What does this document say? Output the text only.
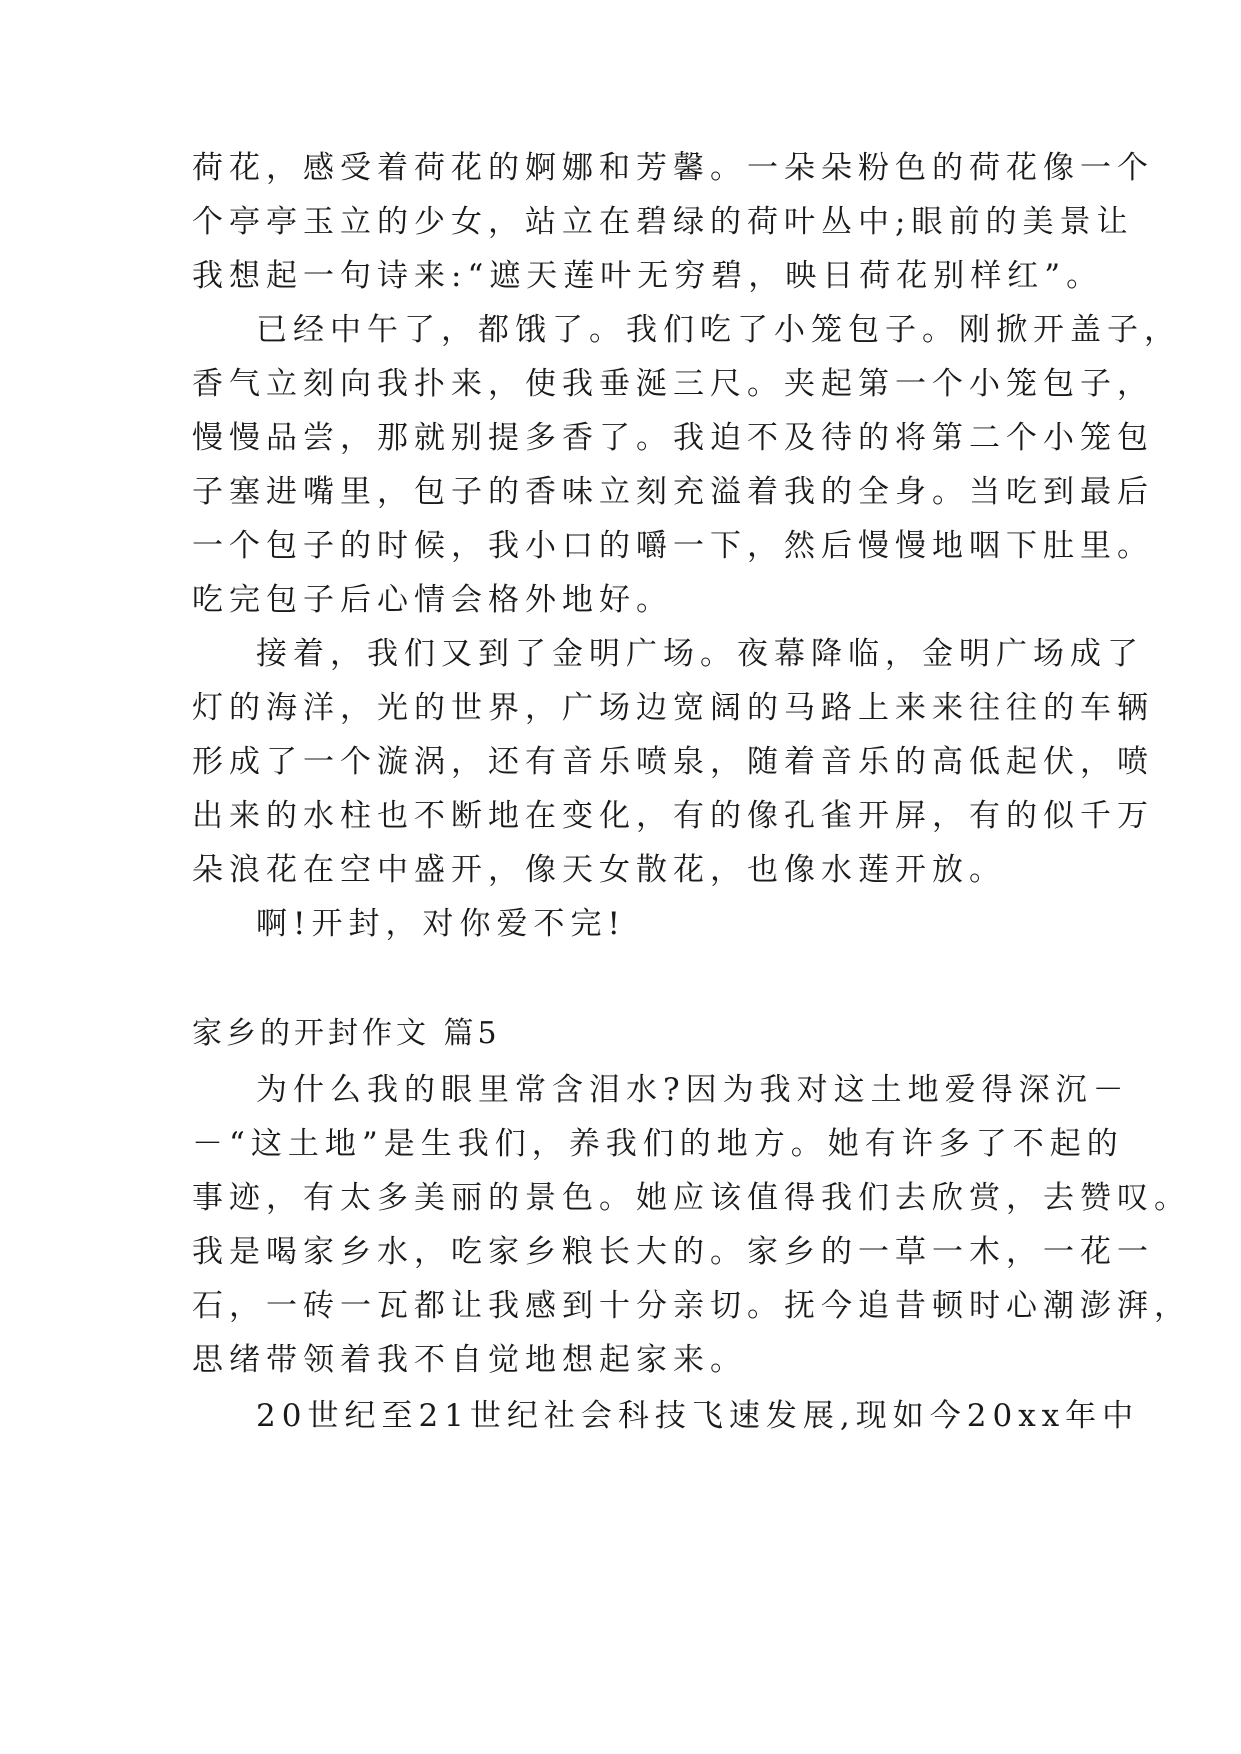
荷花，感受着荷花的婀娜和芳馨。一朵朵粉色的荷花像一个
个亭亭玉立的少女，站立在碧绿的荷叶丛中;眼前的美景让
我想起一句诗来:“遮天莲叶无穷碧，映日荷花别样红”。
已经中午了，都饿了。我们吃了小笼包子。刚掀开盖子，
香气立刻向我扑来，使我垂涎三尺。夹起第一个小笼包子，
慢慢品尝，那就别提多香了。我迫不及待的将第二个小笼包
子塞进嘴里，包子的香味立刻充溢着我的全身。当吃到最后
一个包子的时候，我小口的嚼一下，然后慢慢地咽下肚里。
吃完包子后心情会格外地好。
接着，我们又到了金明广场。夜幕降临，金明广场成了
灯的海洋，光的世界，广场边宽阔的马路上来来往往的车辆
形成了一个漩涡，还有音乐喷泉，随着音乐的高低起伏，喷
出来的水柱也不断地在变化，有的像孔雀开屏，有的似千万
朵浪花在空中盛开，像天女散花，也像水莲开放。
啊!开封，对你爱不完!
家乡的开封作文 篇5
为什么我的眼里常含泪水?因为我对这土地爱得深沉－
－“这土地”是生我们，养我们的地方。她有许多了不起的
事迹，有太多美丽的景色。她应该值得我们去欣赏，去赞叹。
我是喝家乡水，吃家乡粮长大的。家乡的一草一木，一花一
石，一砖一瓦都让我感到十分亲切。抚今追昔顿时心潮澎湃，
思绪带领着我不自觉地想起家来。
20世纪至21世纪社会科技飞速发展,现如今20xx年中
